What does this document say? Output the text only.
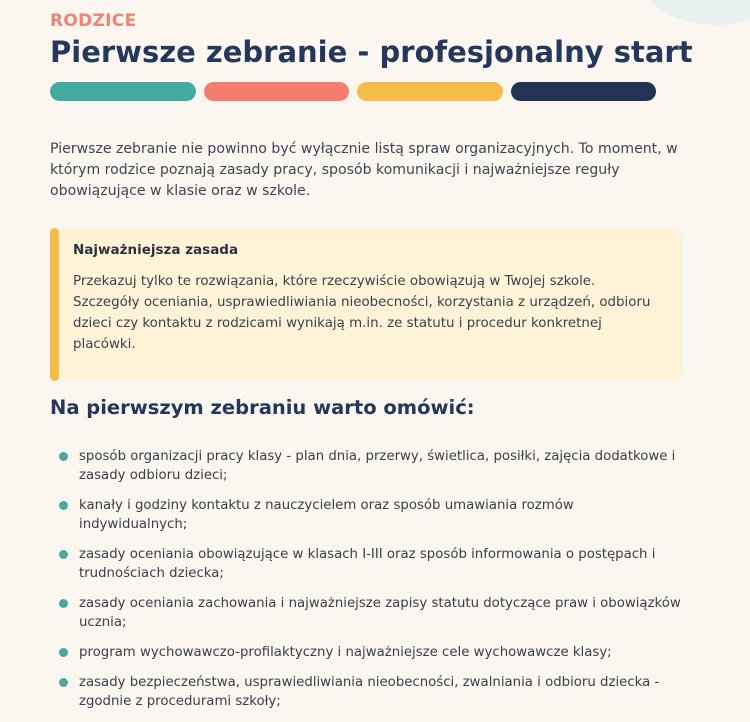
RODZICE

Pierwsze zebranie - profesjonalny start

Pierwsze zebranie nie powinno być wyłącznie listą spraw organizacyjnych. To moment, w którym rodzice poznają zasady pracy, sposób komunikacji i najważniejsze reguły obowiązujące w klasie oraz w szkole.

Najważniejsza zasada

Przekazuj tylko te rozwiązania, które rzeczywiście obowiązują w Twojej szkole. Szczegóły oceniania, usprawiedliwiania nieobecności, korzystania z urządzeń, odbioru dzieci czy kontaktu z rodzicami wynikają m.in. ze statutu i procedur konkretnej placówki.

Na pierwszym zebraniu warto omówić:
sposób organizacji pracy klasy - plan dnia, przerwy, świetlica, posiłki, zajęcia dodatkowe i zasady odbioru dzieci;
kanały i godziny kontaktu z nauczycielem oraz sposób umawiania rozmów indywidualnych;
zasady oceniania obowiązujące w klasach I-III oraz sposób informowania o postępach i trudnościach dziecka;
zasady oceniania zachowania i najważniejsze zapisy statutu dotyczące praw i obowiązków ucznia;
program wychowawczo-profilaktyczny i najważniejsze cele wychowawcze klasy;
zasady bezpieczeństwa, usprawiedliwiania nieobecności, zwalniania i odbioru dziecka - zgodnie z procedurami szkoły;
